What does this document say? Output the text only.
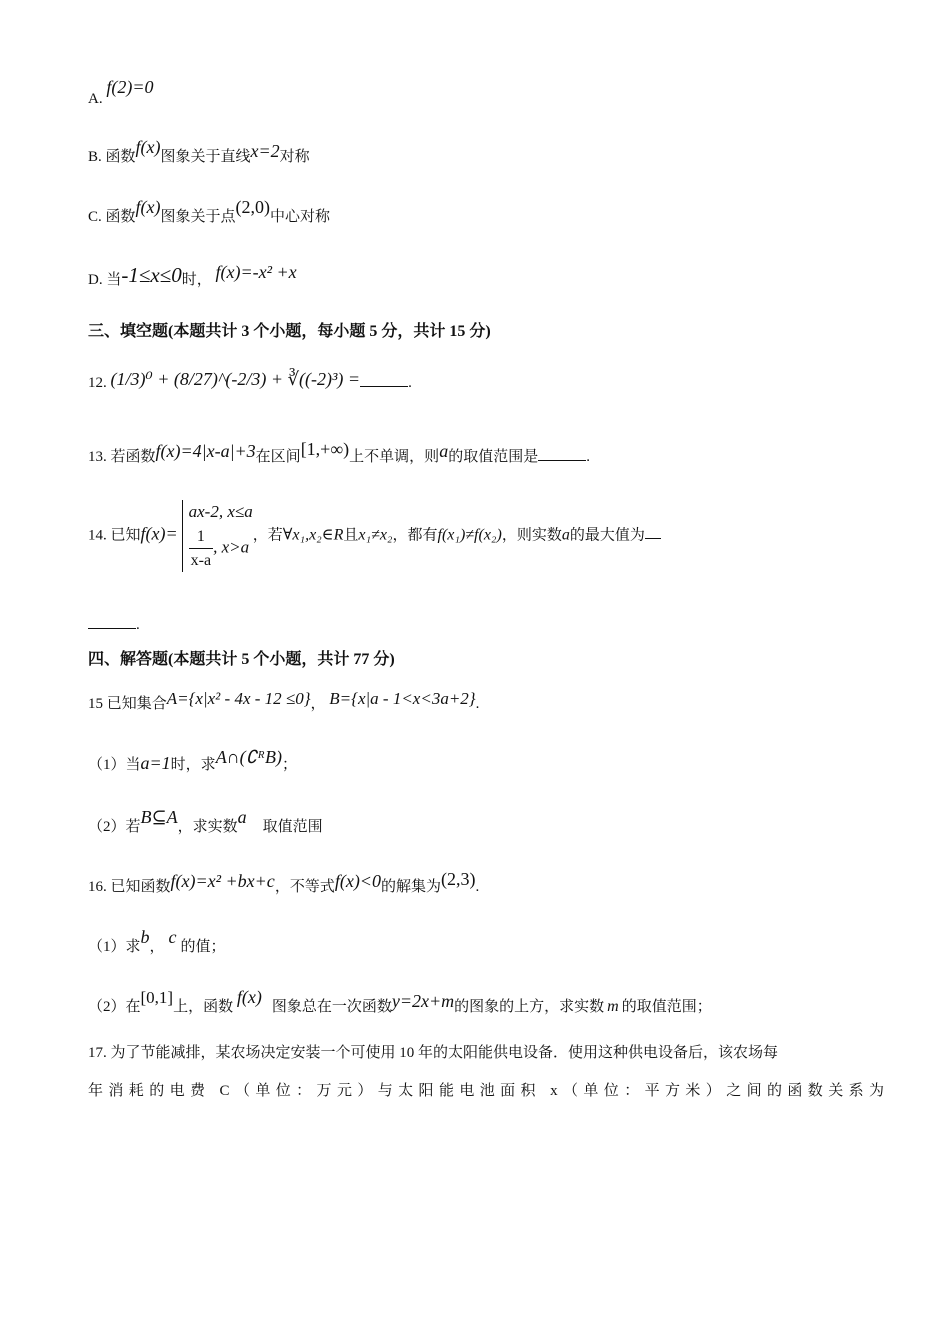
A. f(2)=0
B. 函数f(x)图象关于直线x=2对称
C. 函数f(x)图象关于点(2,0)中心对称
D. 当-1≤x≤0时， f(x)=-x² +x
三、填空题(本题共计 3 个小题，每小题 5 分，共计 15 分)
12. (1/3)⁰ + (8/27)^(-2/3) + ∛((-2)³) =	.
13. 若函数f(x)=4|x-a|+3在区间[1,+∞)上不单调，则a的取值范围是	.
14. 已知f(x)=
ax-2, x≤a
$\frac{1}{x-a}$ , x>a
，若∀x₁,x₂∈R且x₁≠x₂，都有f(x₁)≠f(x₂)，则实数a的最大值为
.
四、解答题(本题共计 5 个小题，共计 77 分)
15 已知集合A={x|x² - 4x - 12 ≤0}， B={x|a - 1<x<3a+2}.
（1）当a=1时，求A∩(∁ᴿB)；
（2）若B⊆A，求实数a 取值范围
16. 已知函数f(x)=x² +bx+c，不等式f(x)<0的解集为(2,3).
（1）求b， c 的值；
（2）在[0,1]上，函数 f(x) 图象总在一次函数y=2x+m的图象的上方，求实数 m 的取值范围；
17. 为了节能减排，某农场决定安装一个可使用 10 年的太阳能供电设备．使用这种供电设备后，该农场每
年消耗的电费 C（单位：万元）与太阳能电池面积 x（单位：平方米）之间的函数关系为
